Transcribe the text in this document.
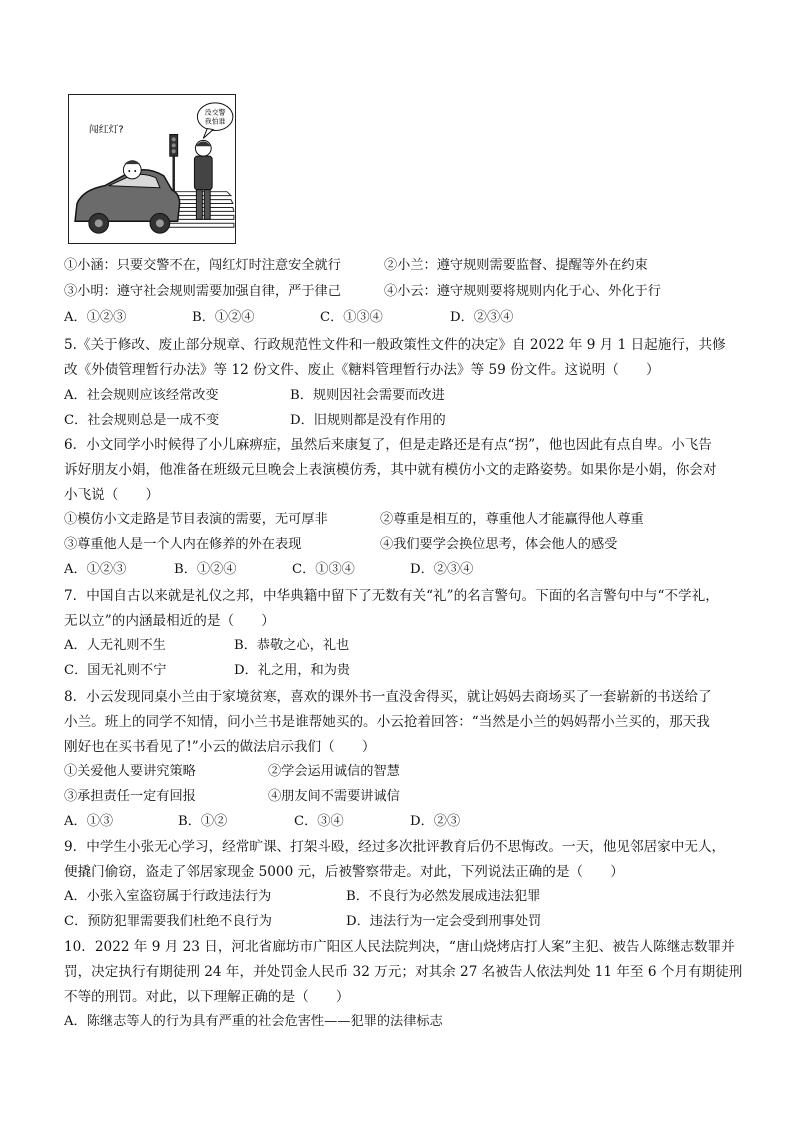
没交警
我怕谁
闯红灯?
①小涵：只要交警不在，闯红灯时注意安全就行	②小兰：遵守规则需要监督、提醒等外在约束
③小明：遵守社会规则需要加强自律，严于律己	④小云：遵守规则要将规则内化于心、外化于行
A．①②③	B．①②④	C．①③④	D．②③④
5.《关于修改、废止部分规章、行政规范性文件和一般政策性文件的决定》自 2022 年 9 月 1 日起施行，共修
改《外债管理暂行办法》等 12 份文件、废止《糖料管理暂行办法》等 59 份文件。这说明（　　）
A．社会规则应该经常改变	B．规则因社会需要而改进
C．社会规则总是一成不变	D．旧规则都是没有作用的
6．小文同学小时候得了小儿麻痹症，虽然后来康复了，但是走路还是有点“拐”，他也因此有点自卑。小飞告
诉好朋友小娟，他准备在班级元旦晚会上表演模仿秀，其中就有模仿小文的走路姿势。如果你是小娟，你会对
小飞说（　　）
①模仿小文走路是节目表演的需要，无可厚非	②尊重是相互的，尊重他人才能赢得他人尊重
③尊重他人是一个人内在修养的外在表现	④我们要学会换位思考，体会他人的感受
A．①②③	B．①②④	C．①③④	D．②③④
7．中国自古以来就是礼仪之邦，中华典籍中留下了无数有关“礼”的名言警句。下面的名言警句中与“不学礼，
无以立”的内涵最相近的是（　　）
A．人无礼则不生	B．恭敬之心，礼也
C．国无礼则不宁	D．礼之用，和为贵
8．小云发现同桌小兰由于家境贫寒，喜欢的课外书一直没舍得买，就让妈妈去商场买了一套崭新的书送给了
小兰。班上的同学不知情，问小兰书是谁帮她买的。小云抢着回答：“当然是小兰的妈妈帮小兰买的，那天我
刚好也在买书看见了!”小云的做法启示我们（　　）
①关爱他人要讲究策略	②学会运用诚信的智慧
③承担责任一定有回报	④朋友间不需要讲诚信
A．①③	B．①②	C．③④	D．②③
9．中学生小张无心学习，经常旷课、打架斗殴，经过多次批评教育后仍不思悔改。一天，他见邻居家中无人，
便撬门偷窃，盗走了邻居家现金 5000 元，后被警察带走。对此，下列说法正确的是（　　）
A．小张入室盗窃属于行政违法行为	B．不良行为必然发展成违法犯罪
C．预防犯罪需要我们杜绝不良行为	D．违法行为一定会受到刑事处罚
10．2022 年 9 月 23 日，河北省廊坊市广阳区人民法院判决，“唐山烧烤店打人案”主犯、被告人陈继志数罪并
罚，决定执行有期徒刑 24 年，并处罚金人民币 32 万元；对其余 27 名被告人依法判处 11 年至 6 个月有期徒刑
不等的刑罚。对此，以下理解正确的是（　　）
A．陈继志等人的行为具有严重的社会危害性——犯罪的法律标志
